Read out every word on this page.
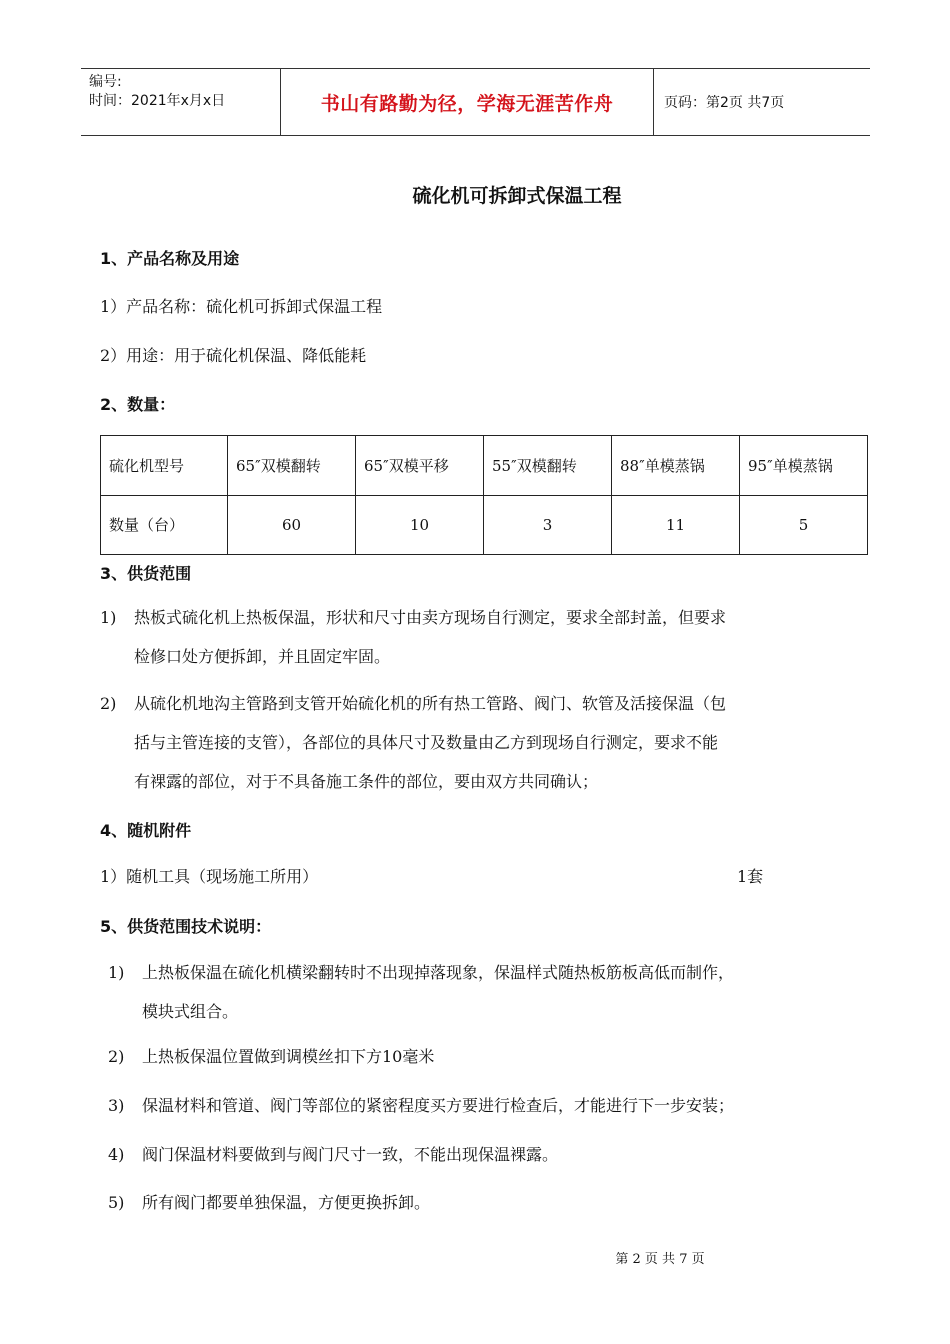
编号:
时间：2021年x月x日	书山有路勤为径，学海无涯苦作舟	页码：第2页 共7页
硫化机可拆卸式保温工程
1、产品名称及用途
1）产品名称：硫化机可拆卸式保温工程
2）用途：用于硫化机保温、降低能耗
2、数量：
硫化机型号	65″双模翻转	65″双模平移	55″双模翻转	88″单模蒸锅	95″单模蒸锅
数量（台）	60	10	3	11	5
3、供货范围
1) 热板式硫化机上热板保温，形状和尺寸由卖方现场自行测定，要求全部封盖，但要求
检修口处方便拆卸，并且固定牢固。
2) 从硫化机地沟主管路到支管开始硫化机的所有热工管路、阀门、软管及活接保温（包
括与主管连接的支管），各部位的具体尺寸及数量由乙方到现场自行测定，要求不能
有裸露的部位，对于不具备施工条件的部位，要由双方共同确认；
4、随机附件
1）随机工具（现场施工所用）	1套
5、供货范围技术说明：
1) 上热板保温在硫化机横梁翻转时不出现掉落现象，保温样式随热板筋板高低而制作，
模块式组合。
2) 上热板保温位置做到调模丝扣下方10毫米
3) 保温材料和管道、阀门等部位的紧密程度买方要进行检查后，才能进行下一步安装；
4) 阀门保温材料要做到与阀门尺寸一致，不能出现保温裸露。
5) 所有阀门都要单独保温，方便更换拆卸。
第 2 页 共 7 页
